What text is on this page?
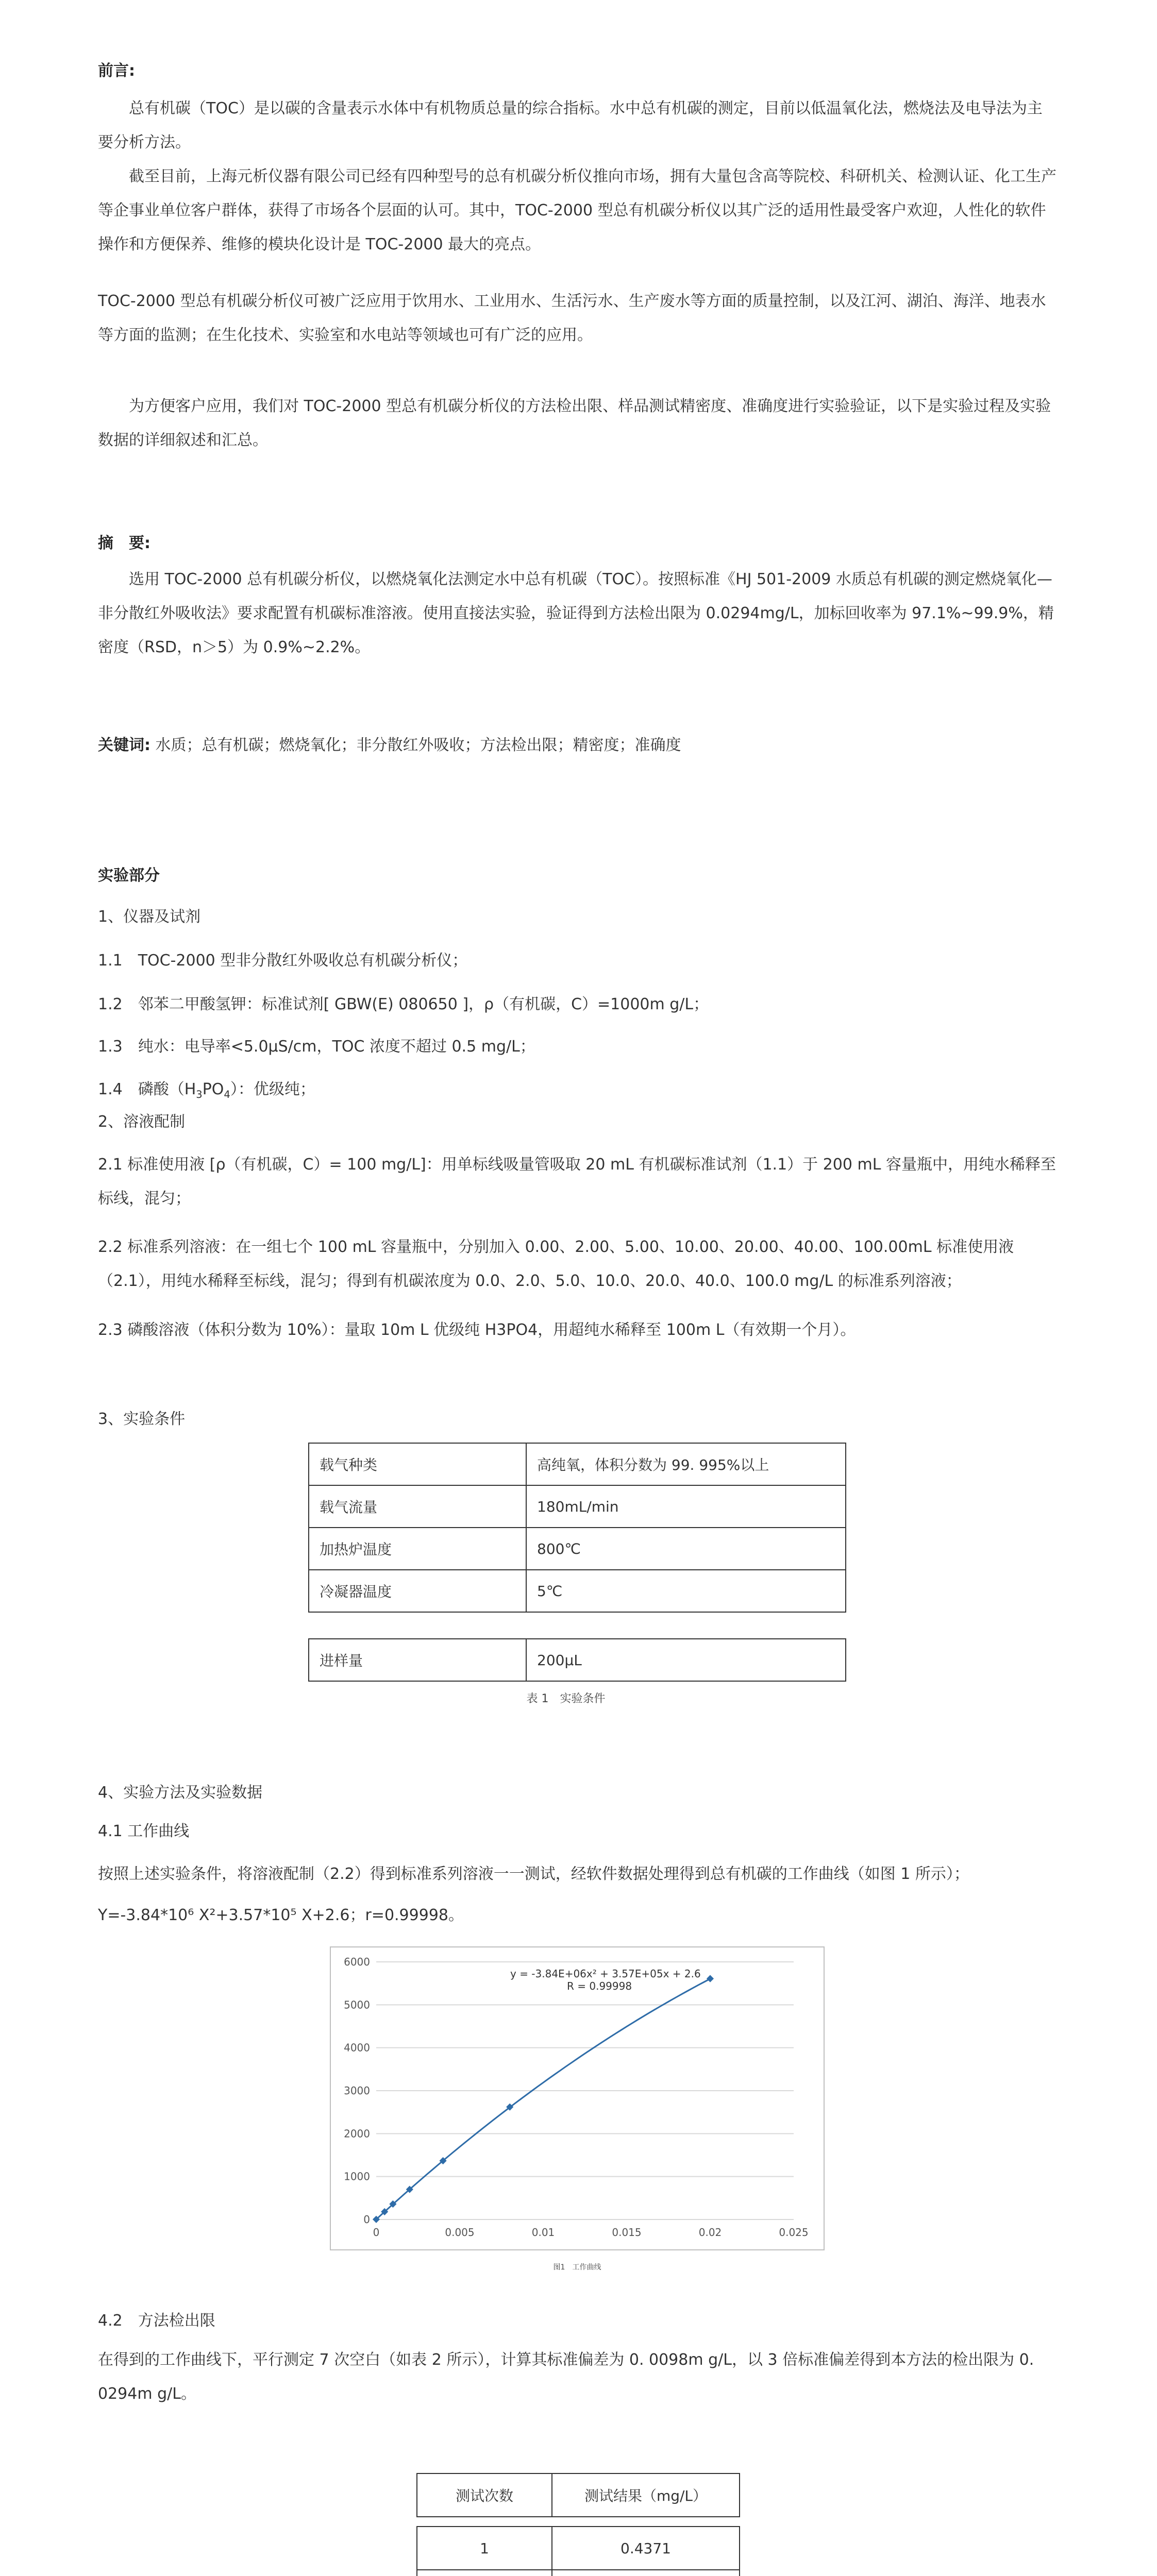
前言:

总有机碳（TOC）是以碳的含量表示水体中有机物质总量的综合指标。水中总有机碳的测定，目前以低温氧化法，燃烧法及电导法为主要分析方法。

截至目前，上海元析仪器有限公司已经有四种型号的总有机碳分析仪推向市场，拥有大量包含高等院校、科研机关、检测认证、化工生产等企事业单位客户群体，获得了市场各个层面的认可。其中，TOC-2000 型总有机碳分析仪以其广泛的适用性最受客户欢迎，人性化的软件操作和方便保养、维修的模块化设计是 TOC-2000 最大的亮点。

TOC-2000 型总有机碳分析仪可被广泛应用于饮用水、工业用水、生活污水、生产废水等方面的质量控制，以及江河、湖泊、海洋、地表水等方面的监测；在生化技术、实验室和水电站等领域也可有广泛的应用。

为方便客户应用，我们对 TOC-2000 型总有机碳分析仪的方法检出限、样品测试精密度、准确度进行实验验证，以下是实验过程及实验数据的详细叙述和汇总。

摘　要:

选用 TOC-2000 总有机碳分析仪，以燃烧氧化法测定水中总有机碳（TOC）。按照标准《HJ 501-2009 水质总有机碳的测定燃烧氧化—非分散红外吸收法》要求配置有机碳标准溶液。使用直接法实验，验证得到方法检出限为 0.0294mg/L，加标回收率为 97.1%~99.9%，精密度（RSD，n＞5）为 0.9%~2.2%。

关键词: 水质；总有机碳；燃烧氧化；非分散红外吸收；方法检出限；精密度；准确度

实验部分

1、仪器及试剂

1.1　TOC-2000 型非分散红外吸收总有机碳分析仪；

1.2　邻苯二甲酸氢钾：标准试剂[ GBW(E) 080650 ]，ρ（有机碳，C）=1000m g/L；

1.3　纯水：电导率<5.0μS/cm，TOC 浓度不超过 0.5 mg/L；

1.4　磷酸$(H_3PO_4)$：优级纯；

2、溶液配制

2.1 标准使用液 [ρ（有机碳，C）= 100 mg/L]：用单标线吸量管吸取 20 mL 有机碳标准试剂（1.1）于 200 mL 容量瓶中，用纯水稀释至标线，混匀；

2.2 标准系列溶液：在一组七个 100 mL 容量瓶中，分别加入 0.00、2.00、5.00、10.00、20.00、40.00、100.00mL 标准使用液（2.1），用纯水稀释至标线，混匀；得到有机碳浓度为 0.0、2.0、5.0、10.0、20.0、40.0、100.0 mg/L 的标准系列溶液；

2.3 磷酸溶液（体积分数为 10%）：量取 10m L 优级纯 H3PO4，用超纯水稀释至 100m L（有效期一个月）。

3、实验条件

载气种类	高纯氧，体积分数为 99. 995%以上
载气流量	180mL/min
加热炉温度	800℃
冷凝器温度	5℃
进样量	200μL
表 1　实验条件

4、实验方法及实验数据

4.1 工作曲线

按照上述实验条件，将溶液配制（2.2）得到标准系列溶液一一测试，经软件数据处理得到总有机碳的工作曲线（如图 1 所示）；

Y=-3.84*10⁶ X²+3.57*10⁵ X+2.6；r=0.99998。

0
1000
2000
3000
4000
5000
6000
0	0.005	0.01	0.015	0.02	0.025
y = -3.84E+06x² + 3.57E+05x + 2.6
R = 0.99998
图1　工作曲线

4.2　方法检出限

在得到的工作曲线下，平行测定 7 次空白（如表 2 所示），计算其标准偏差为 0. 0098m g/L，以 3 倍标准偏差得到本方法的检出限为 0. 0294m g/L。

测试次数	测试结果（mg/L）
1	0.4371
